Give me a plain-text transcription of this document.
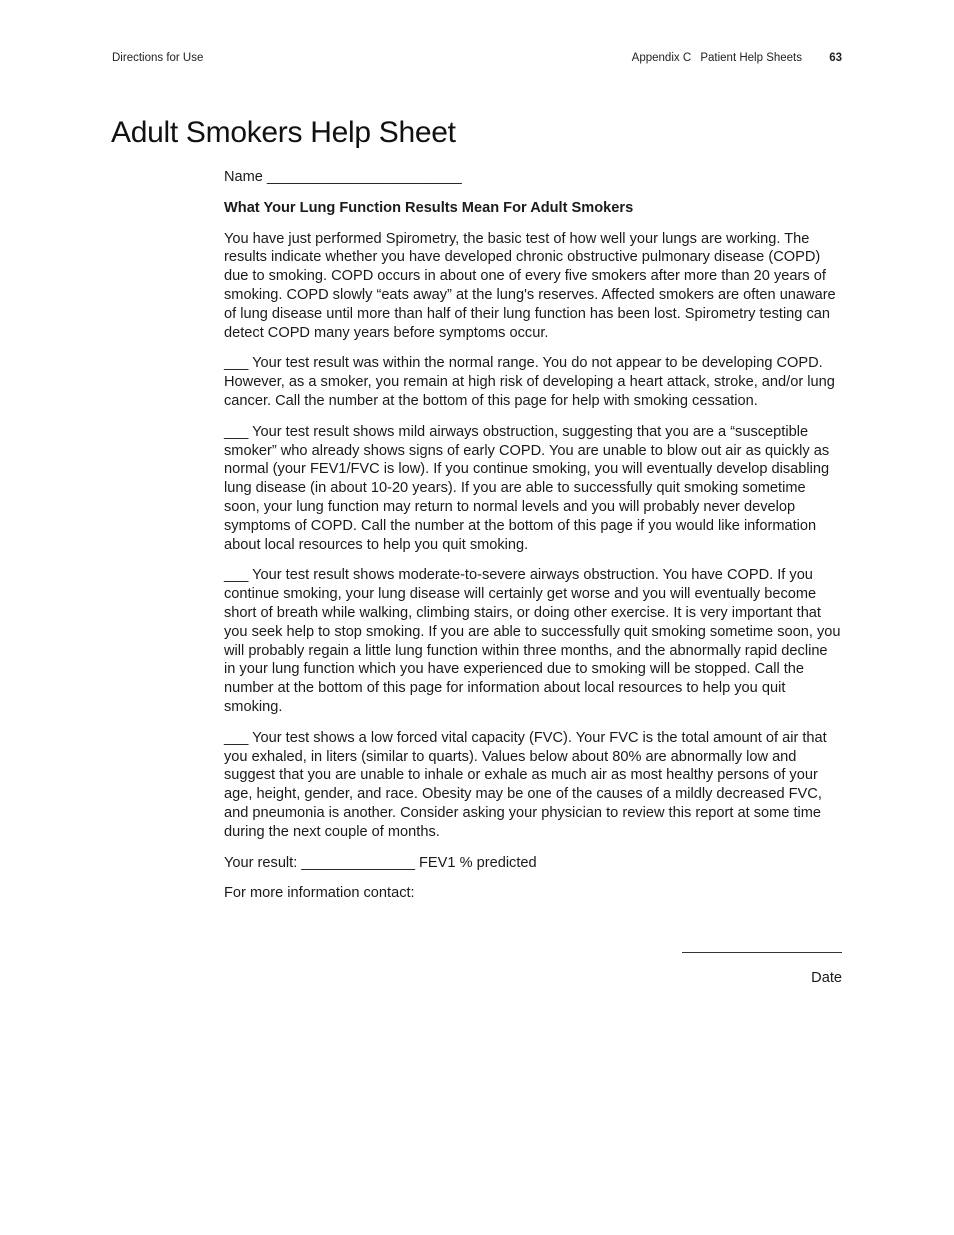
Directions for Use	Appendix C Patient Help Sheets 63
Adult Smokers Help Sheet

Name ________________________

What Your Lung Function Results Mean For Adult Smokers

You have just performed Spirometry, the basic test of how well your lungs are working. The results indicate whether you have developed chronic obstructive pulmonary disease (COPD) due to smoking. COPD occurs in about one of every five smokers after more than 20 years of smoking. COPD slowly “eats away” at the lung's reserves. Affected smokers are often unaware of lung disease until more than half of their lung function has been lost. Spirometry testing can detect COPD many years before symptoms occur.

___ Your test result was within the normal range. You do not appear to be developing COPD. However, as a smoker, you remain at high risk of developing a heart attack, stroke, and/or lung cancer. Call the number at the bottom of this page for help with smoking cessation.

___ Your test result shows mild airways obstruction, suggesting that you are a “susceptible smoker” who already shows signs of early COPD. You are unable to blow out air as quickly as normal (your FEV1/FVC is low). If you continue smoking, you will eventually develop disabling lung disease (in about 10-20 years). If you are able to successfully quit smoking sometime soon, your lung function may return to normal levels and you will probably never develop symptoms of COPD. Call the number at the bottom of this page if you would like information about local resources to help you quit smoking.

___ Your test result shows moderate-to-severe airways obstruction. You have COPD. If you continue smoking, your lung disease will certainly get worse and you will eventually become short of breath while walking, climbing stairs, or doing other exercise. It is very important that you seek help to stop smoking. If you are able to successfully quit smoking sometime soon, you will probably regain a little lung function within three months, and the abnormally rapid decline in your lung function which you have experienced due to smoking will be stopped. Call the number at the bottom of this page for information about local resources to help you quit smoking.

___ Your test shows a low forced vital capacity (FVC). Your FVC is the total amount of air that you exhaled, in liters (similar to quarts). Values below about 80% are abnormally low and suggest that you are unable to inhale or exhale as much air as most healthy persons of your age, height, gender, and race. Obesity may be one of the causes of a mildly decreased FVC, and pneumonia is another. Consider asking your physician to review this report at some time during the next couple of months.

Your result: ______________ FEV1 % predicted

For more information contact:

Date
